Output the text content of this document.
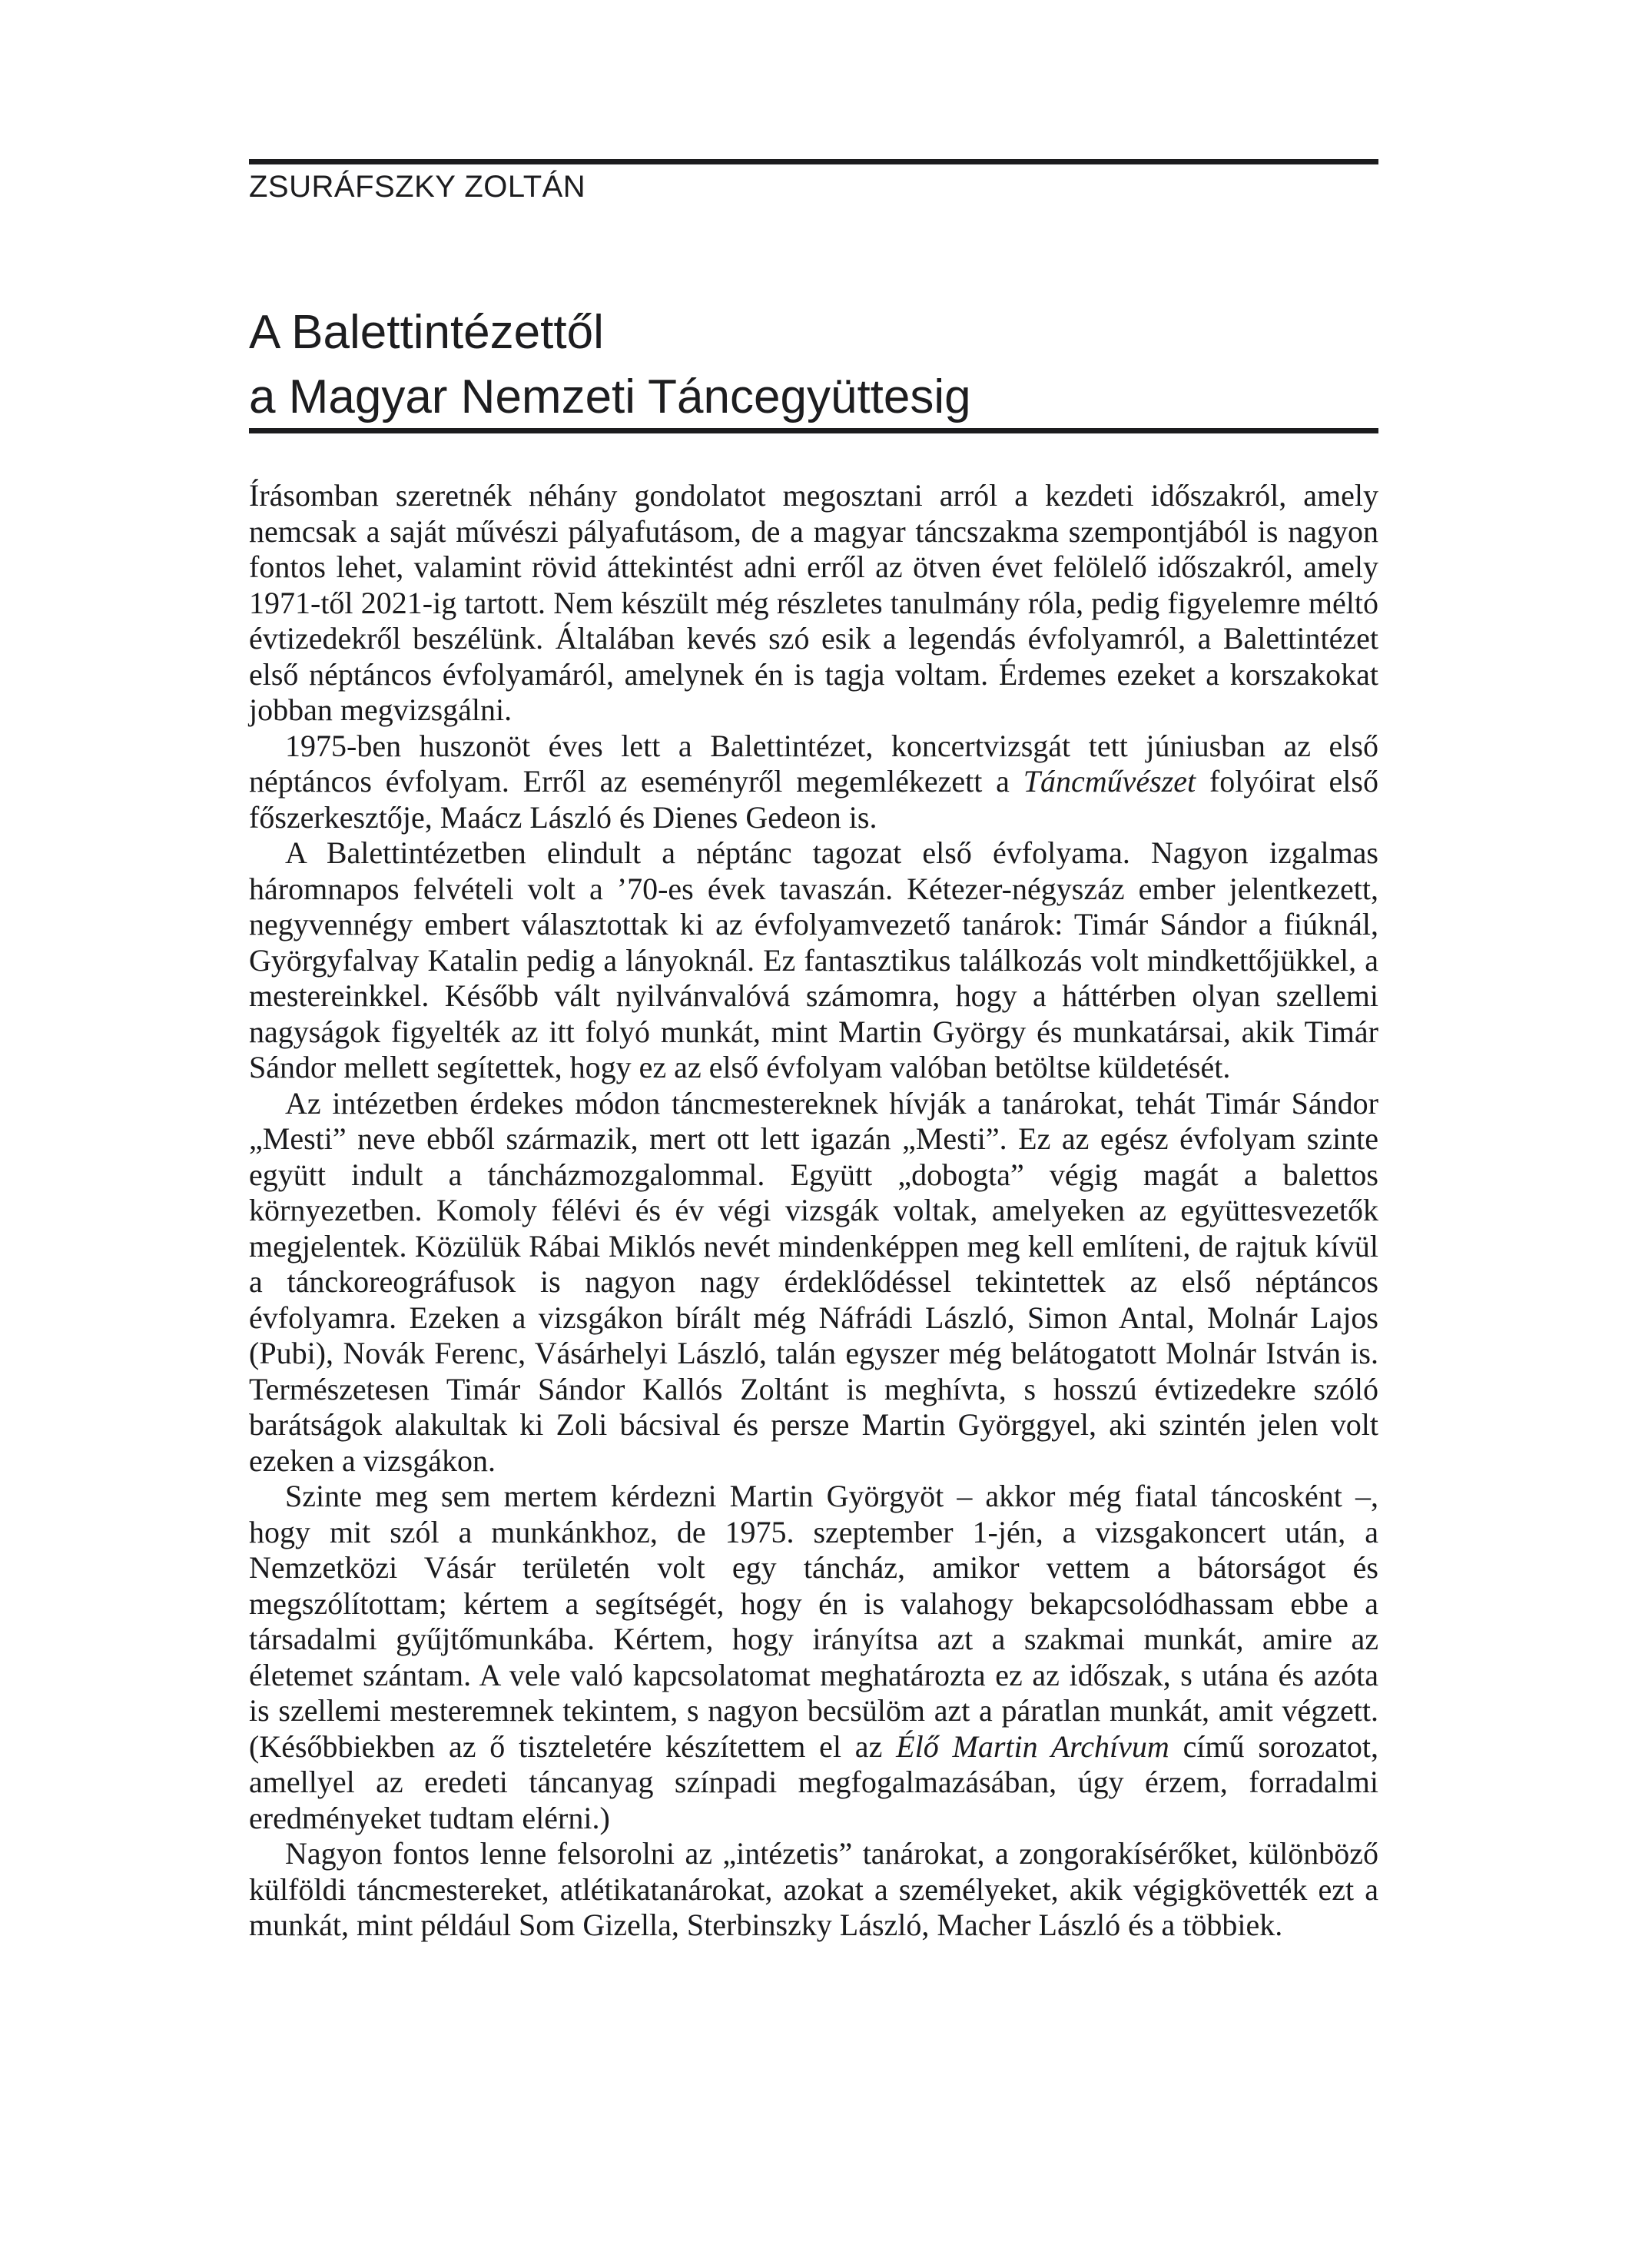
ZSURÁFSZKY ZOLTÁN
A Balettintézettől
a Magyar Nemzeti Táncegyüttesig

Írásomban szeretnék néhány gondolatot megosztani arról a kezdeti időszakról, amely nemcsak a saját művészi pályafutásom, de a magyar táncszakma szempontjából is nagyon fontos lehet, valamint rövid áttekintést adni erről az ötven évet felölelő időszakról, amely 1971-től 2021-ig tartott. Nem készült még részletes tanulmány róla, pedig figyelemre méltó évtizedekről beszélünk. Általában kevés szó esik a legendás évfolyamról, a Balettintézet első néptáncos évfolyamáról, amelynek én is tagja voltam. Érdemes ezeket a korszakokat jobban megvizsgálni.

1975-ben huszonöt éves lett a Balettintézet, koncertvizsgát tett júniusban az első néptáncos évfolyam. Erről az eseményről megemlékezett a Táncművészet folyóirat első főszerkesztője, Maácz László és Dienes Gedeon is.

A Balettintézetben elindult a néptánc tagozat első évfolyama. Nagyon izgalmas háromnapos felvételi volt a ’70-es évek tavaszán. Kétezer-négyszáz ember jelentkezett, negyvennégy embert választottak ki az évfolyamvezető tanárok: Timár Sándor a fiúknál, Györgyfalvay Katalin pedig a lányoknál. Ez fantasztikus találkozás volt mindkettőjükkel, a mestereinkkel. Később vált nyilvánvalóvá számomra, hogy a háttérben olyan szellemi nagyságok figyelték az itt folyó munkát, mint Martin György és munkatársai, akik Timár Sándor mellett segítettek, hogy ez az első évfolyam valóban betöltse küldetését.

Az intézetben érdekes módon táncmestereknek hívják a tanárokat, tehát Timár Sándor „Mesti” neve ebből származik, mert ott lett igazán „Mesti”. Ez az egész évfolyam szinte együtt indult a táncházmozgalommal. Együtt „dobogta” végig magát a balettos környezetben. Komoly félévi és év végi vizsgák voltak, amelyeken az együttesvezetők megjelentek. Közülük Rábai Miklós nevét mindenképpen meg kell említeni, de rajtuk kívül a tánckoreográfusok is nagyon nagy érdeklődéssel tekintettek az első néptáncos évfolyamra. Ezeken a vizsgákon bírált még Náfrádi László, Simon Antal, Molnár Lajos (Pubi), Novák Ferenc, Vásárhelyi László, talán egyszer még belátogatott Molnár István is. Természetesen Timár Sándor Kallós Zoltánt is meghívta, s hosszú évtizedekre szóló barátságok alakultak ki Zoli bácsival és persze Martin Györggyel, aki szintén jelen volt ezeken a vizsgákon.

Szinte meg sem mertem kérdezni Martin Györgyöt – akkor még fiatal táncosként –, hogy mit szól a munkánkhoz, de 1975. szeptember 1-jén, a vizsgakoncert után, a Nemzetközi Vásár területén volt egy táncház, amikor vettem a bátorságot és megszólítottam; kértem a segítségét, hogy én is valahogy bekapcsolódhassam ebbe a társadalmi gyűjtőmunkába. Kértem, hogy irányítsa azt a szakmai munkát, amire az életemet szántam. A vele való kapcsolatomat meghatározta ez az időszak, s utána és azóta is szellemi mesteremnek tekintem, s nagyon becsülöm azt a páratlan munkát, amit végzett. (Későbbiekben az ő tiszteletére készítettem el az Élő Martin Archívum című sorozatot, amellyel az eredeti táncanyag színpadi megfogalmazásában, úgy érzem, forradalmi eredményeket tudtam elérni.)

Nagyon fontos lenne felsorolni az „intézetis” tanárokat, a zongorakísérőket, különböző külföldi táncmestereket, atlétikatanárokat, azokat a személyeket, akik végigkövették ezt a munkát, mint például Som Gizella, Sterbinszky László, Macher László és a többiek.
